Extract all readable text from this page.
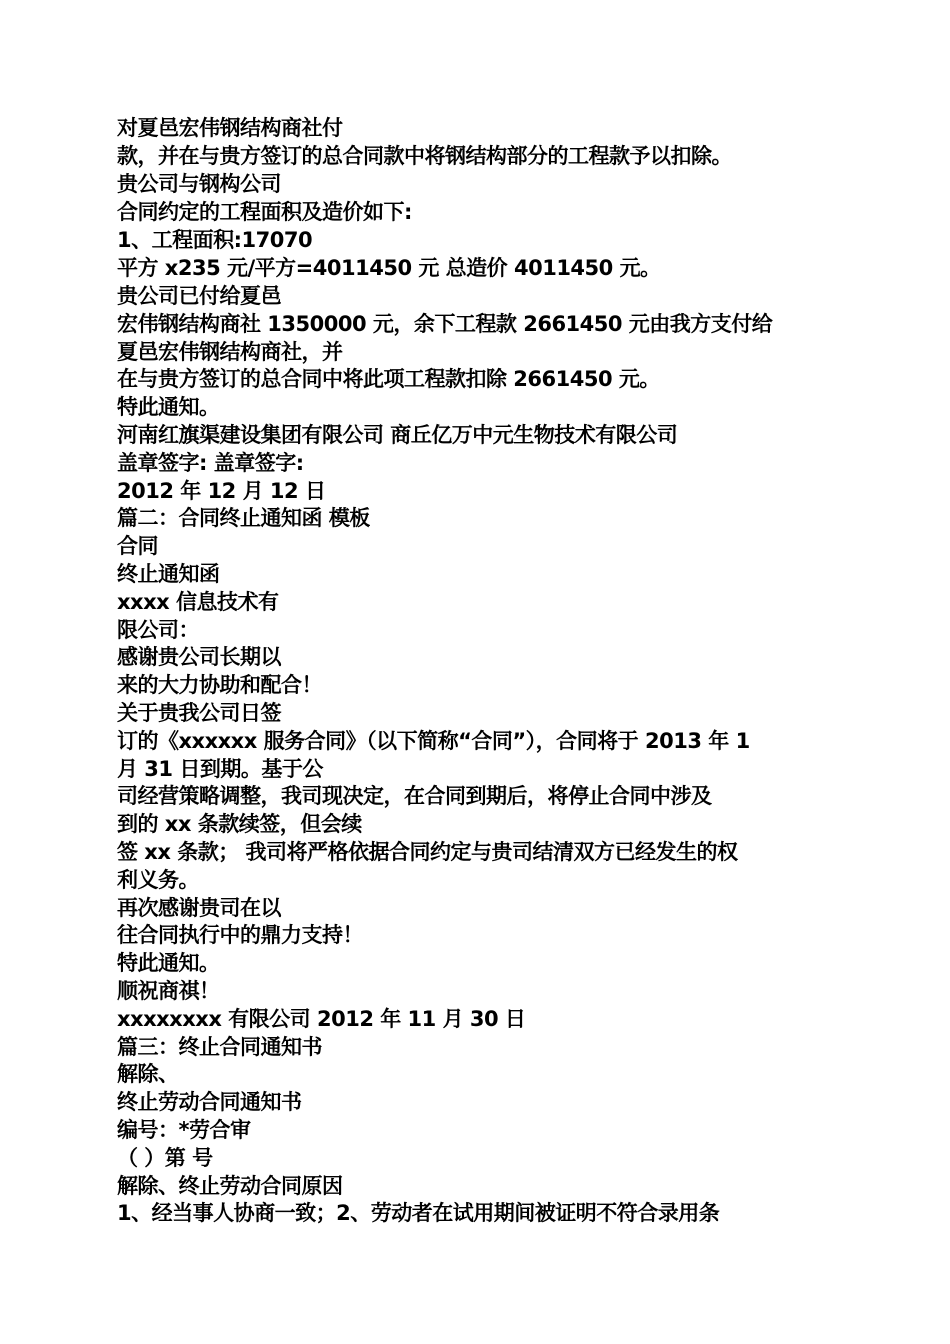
对夏邑宏伟钢结构商社付

款，并在与贵方签订的总合同款中将钢结构部分的工程款予以扣除。

贵公司与钢构公司

合同约定的工程面积及造价如下:

1、工程面积:17070

平方 x235 元/平方=4011450 元 总造价 4011450 元。

贵公司已付给夏邑

宏伟钢结构商社 1350000 元，余下工程款 2661450 元由我方支付给

夏邑宏伟钢结构商社，并

在与贵方签订的总合同中将此项工程款扣除 2661450 元。

特此通知。

河南红旗渠建设集团有限公司 商丘亿万中元生物技术有限公司

盖章签字: 盖章签字:

2012 年 12 月 12 日

篇二：合同终止通知函 模板

合同

终止通知函

xxxx 信息技术有

限公司：

感谢贵公司长期以

来的大力协助和配合！

关于贵我公司日签

订的《xxxxxx 服务合同》（以下简称“合同”），合同将于 2013 年 1

月 31 日到期。基于公

司经营策略调整，我司现决定，在合同到期后，将停止合同中涉及

到的 xx 条款续签，但会续

签 xx 条款； 我司将严格依据合同约定与贵司结清双方已经发生的权

利义务。

再次感谢贵司在以

往合同执行中的鼎力支持！

特此通知。

顺祝商祺！

xxxxxxxx 有限公司 2012 年 11 月 30 日

篇三：终止合同通知书

解除、

终止劳动合同通知书

编号：*劳合审

（ ）第 号

解除、终止劳动合同原因

1、经当事人协商一致；2、劳动者在试用期间被证明不符合录用条
